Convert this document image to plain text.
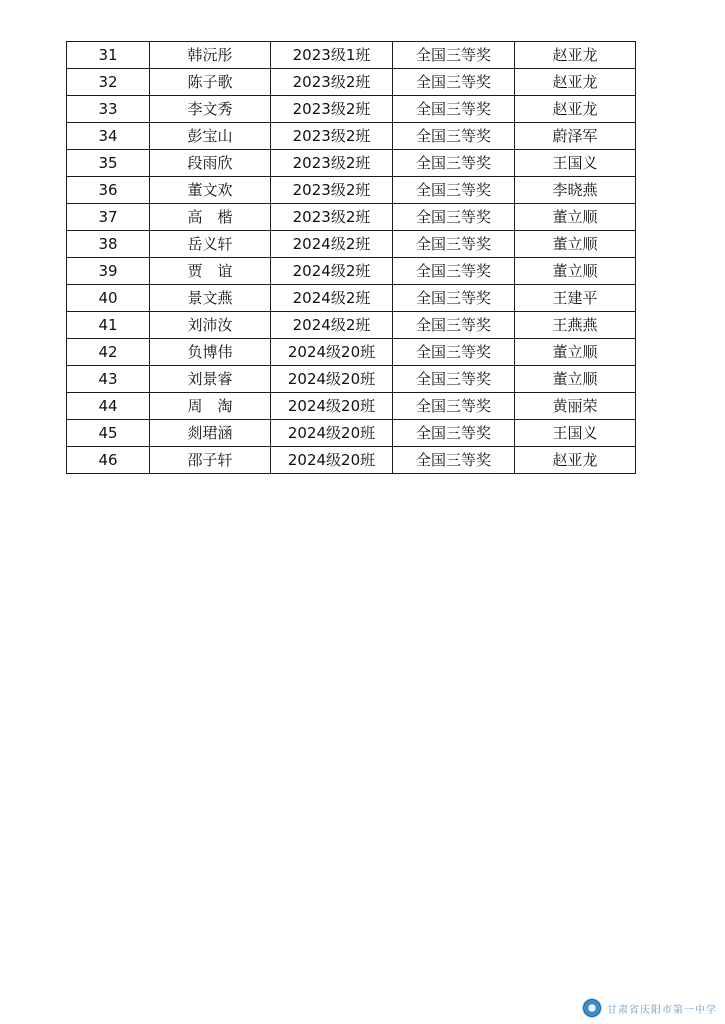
31	韩沅彤	2023级1班	全国三等奖	赵亚龙
32	陈子歌	2023级2班	全国三等奖	赵亚龙
33	李文秀	2023级2班	全国三等奖	赵亚龙
34	彭宝山	2023级2班	全国三等奖	蔚泽军
35	段雨欣	2023级2班	全国三等奖	王国义
36	董文欢	2023级2班	全国三等奖	李晓燕
37	高　楷	2023级2班	全国三等奖	董立顺
38	岳义轩	2024级2班	全国三等奖	董立顺
39	贾　谊	2024级2班	全国三等奖	董立顺
40	景文燕	2024级2班	全国三等奖	王建平
41	刘沛汝	2024级2班	全国三等奖	王燕燕
42	负博伟	2024级20班	全国三等奖	董立顺
43	刘景睿	2024级20班	全国三等奖	董立顺
44	周　淘	2024级20班	全国三等奖	黄丽荣
45	剡珺涵	2024级20班	全国三等奖	王国义
46	邵子轩	2024级20班	全国三等奖	赵亚龙
甘肃省庆阳市第一中学
